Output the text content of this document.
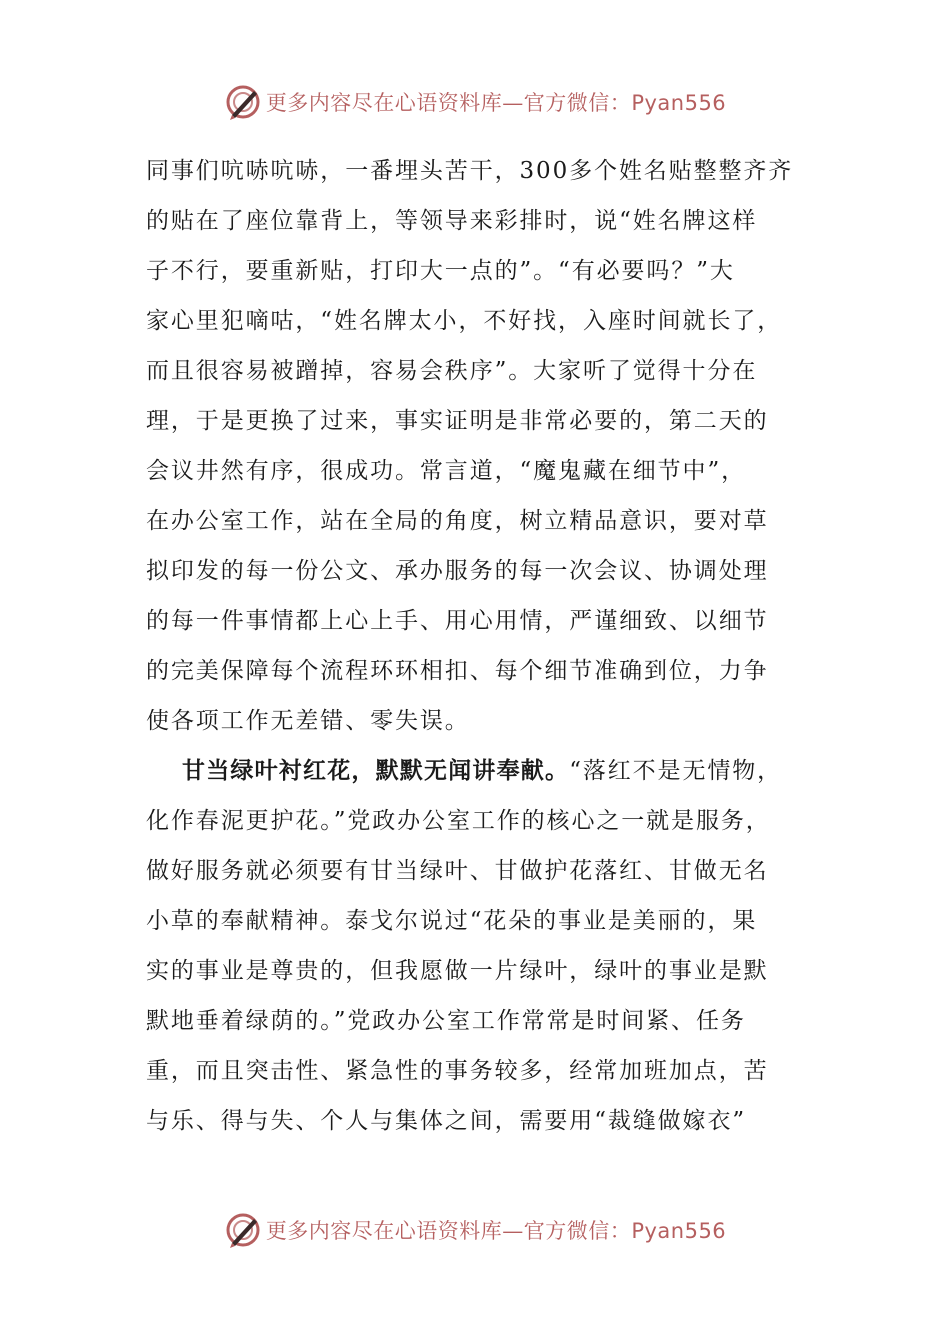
更多内容尽在心语资料库—官方微信：Pyan556
同事们吭哧吭哧，一番埋头苦干，300多个姓名贴整整齐齐
的贴在了座位靠背上，等领导来彩排时，说“姓名牌这样
子不行，要重新贴，打印大一点的”。“有必要吗？”大
家心里犯嘀咕，“姓名牌太小，不好找，入座时间就长了，
而且很容易被蹭掉，容易会秩序”。大家听了觉得十分在
理，于是更换了过来，事实证明是非常必要的，第二天的
会议井然有序，很成功。常言道，“魔鬼藏在细节中”，
在办公室工作，站在全局的角度，树立精品意识，要对草
拟印发的每一份公文、承办服务的每一次会议、协调处理
的每一件事情都上心上手、用心用情，严谨细致、以细节
的完美保障每个流程环环相扣、每个细节准确到位，力争
使各项工作无差错、零失误。
甘当绿叶衬红花，默默无闻讲奉献。“落红不是无情物，
化作春泥更护花。”党政办公室工作的核心之一就是服务，
做好服务就必须要有甘当绿叶、甘做护花落红、甘做无名
小草的奉献精神。泰戈尔说过“花朵的事业是美丽的，果
实的事业是尊贵的，但我愿做一片绿叶，绿叶的事业是默
默地垂着绿荫的。”党政办公室工作常常是时间紧、任务
重，而且突击性、紧急性的事务较多，经常加班加点，苦
与乐、得与失、个人与集体之间，需要用“裁缝做嫁衣”
更多内容尽在心语资料库—官方微信：Pyan556
